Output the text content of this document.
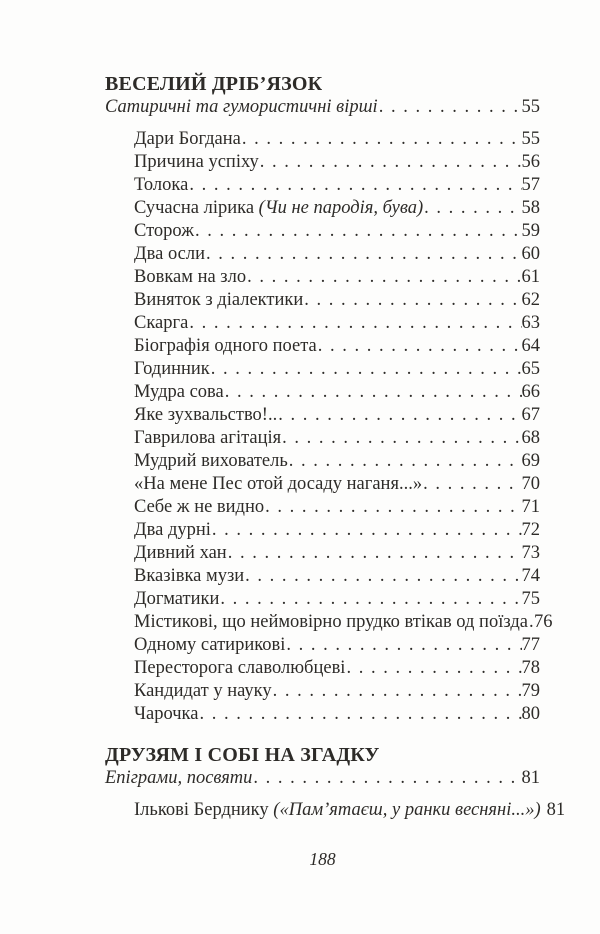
ВЕСЕЛИЙ ДРІБ’ЯЗОК
Сатиричні та гумористичні вірші . . .	55
Дари Богдана . . .	55
Причина успіху . . .	56
Толока . . .	57
Сучасна лірика (Чи не пародія, бува) . . .	58
Сторож . . .	59
Два осли . . .	60
Вовкам на зло . . .	61
Виняток з діалектики . . .	62
Скарга . . .	63
Біографія одного поета . . .	64
Годинник . . .	65
Мудра сова . . .	66
Яке зухвальство!.. . . .	67
Гаврилова агітація . . .	68
Мудрий вихователь . . .	69
«На мене Пес отой досаду наганя...» . . .	70
Себе ж не видно . . .	71
Два дурні . . .	72
Дивний хан . . .	73
Вказівка музи . . .	74
Догматики . . .	75
Містикові, що неймовірно прудко втікав од поїзда . . . 76
Одному сатирикові . . .	77
Пересторога славолюбцеві . . .	78
Кандидат у науку . . .	79
Чарочка . . .	80
ДРУЗЯМ І СОБІ НА ЗГАДКУ
Епіграми, посвяти . . .	81
Ількові Берднику («Пам’ятаєш, у ранки весняні...») 81
188
